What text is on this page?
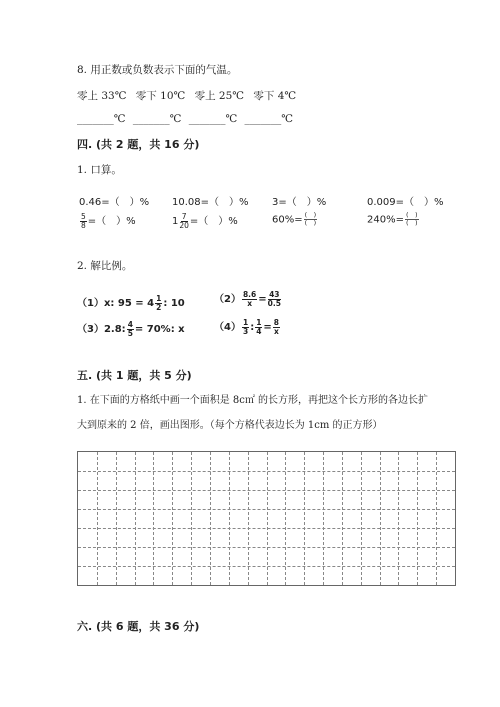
8. 用正数或负数表示下面的气温。
零上 33℃ 零下 10℃ 零上 25℃ 零下 4℃
_______℃ _______℃ _______℃ _______℃
四. (共 2 题，共 16 分)
1. 口算。
0.46=（　）% 10.08=（　）% 3=（　）%	0.009=（　）%
$\frac{5}{8}$ =（　）%	$1 \frac{7}{20}$ =（　）%	$60\%= \frac{( )}{( )}$	$240\%= \frac{( )}{( )}$
2. 解比例。
（1）x: $95 = 4 \frac{1}{2}$ : 10	$(2) \frac{8.6}{x} = \frac{43}{0.5}$
（3）2.8: $\frac{4}{5} = 70\%$: x	$(4) \frac{1}{3}$ : $\frac{1}{4} = \frac{8}{x}$
五. (共 1 题，共 5 分)
1. 在下面的方格纸中画一个面积是 8c㎡ 的长方形，再把这个长方形的各边长扩
大到原来的 2 倍，画出图形。（每个方格代表边长为 1cm 的正方形）
六. (共 6 题，共 36 分)
